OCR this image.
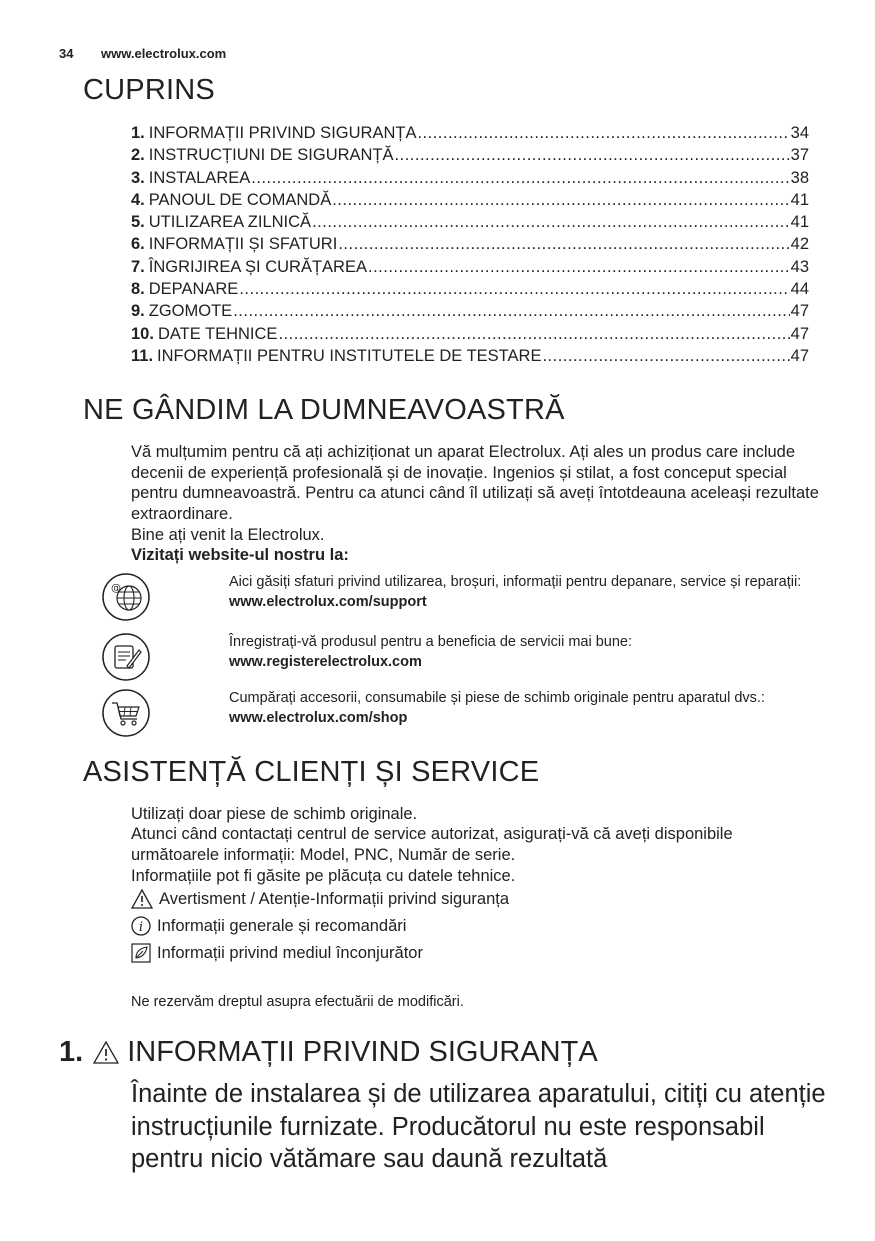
34 www.electrolux.com
CUPRINS
1. INFORMAȚII PRIVIND SIGURANȚA .....	34
2. INSTRUCȚIUNI DE SIGURANȚĂ .....	37
3. INSTALAREA .....	38
4. PANOUL DE COMANDĂ .....	41
5. UTILIZAREA ZILNICĂ .....	41
6. INFORMAȚII ȘI SFATURI .....	42
7. ÎNGRIJIREA ȘI CURĂȚAREA .....	43
8. DEPANARE .....	44
9. ZGOMOTE .....	47
10. DATE TEHNICE .....	47
11. INFORMAȚII PENTRU INSTITUTELE DE TESTARE .....	47
NE GÂNDIM LA DUMNEAVOASTRĂ
Vă mulțumim pentru că ați achiziționat un aparat Electrolux. Ați ales un produs care include decenii de experiență profesională și de inovație. Ingenios și stilat, a fost conceput special pentru dumneavoastră. Pentru ca atunci când îl utilizați să aveți întotdeauna aceleași rezultate extraordinare.
Bine ați venit la Electrolux.
Vizitați website-ul nostru la:
@	Aici găsiți sfaturi privind utilizarea, broșuri, informații pentru depanare, service și reparații:
www.electrolux.com/support
Înregistrați-vă produsul pentru a beneficia de servicii mai bune:
www.registerelectrolux.com
Cumpărați accesorii, consumabile și piese de schimb originale pentru aparatul dvs.:
www.electrolux.com/shop
ASISTENȚĂ CLIENȚI ȘI SERVICE
Utilizați doar piese de schimb originale.
Atunci când contactați centrul de service autorizat, asigurați-vă că aveți disponibile următoarele informații: Model, PNC, Număr de serie.
Informațiile pot fi găsite pe plăcuța cu datele tehnice.
Avertisment / Atenție-Informații privind siguranța
i Informații generale și recomandări
Informații privind mediul înconjurător
Ne rezervăm dreptul asupra efectuării de modificări.
1. INFORMAȚII PRIVIND SIGURANȚA
Înainte de instalarea și de utilizarea aparatului, citiți cu atenție instrucțiunile furnizate. Producătorul nu este responsabil pentru nicio vătămare sau daună rezultată
